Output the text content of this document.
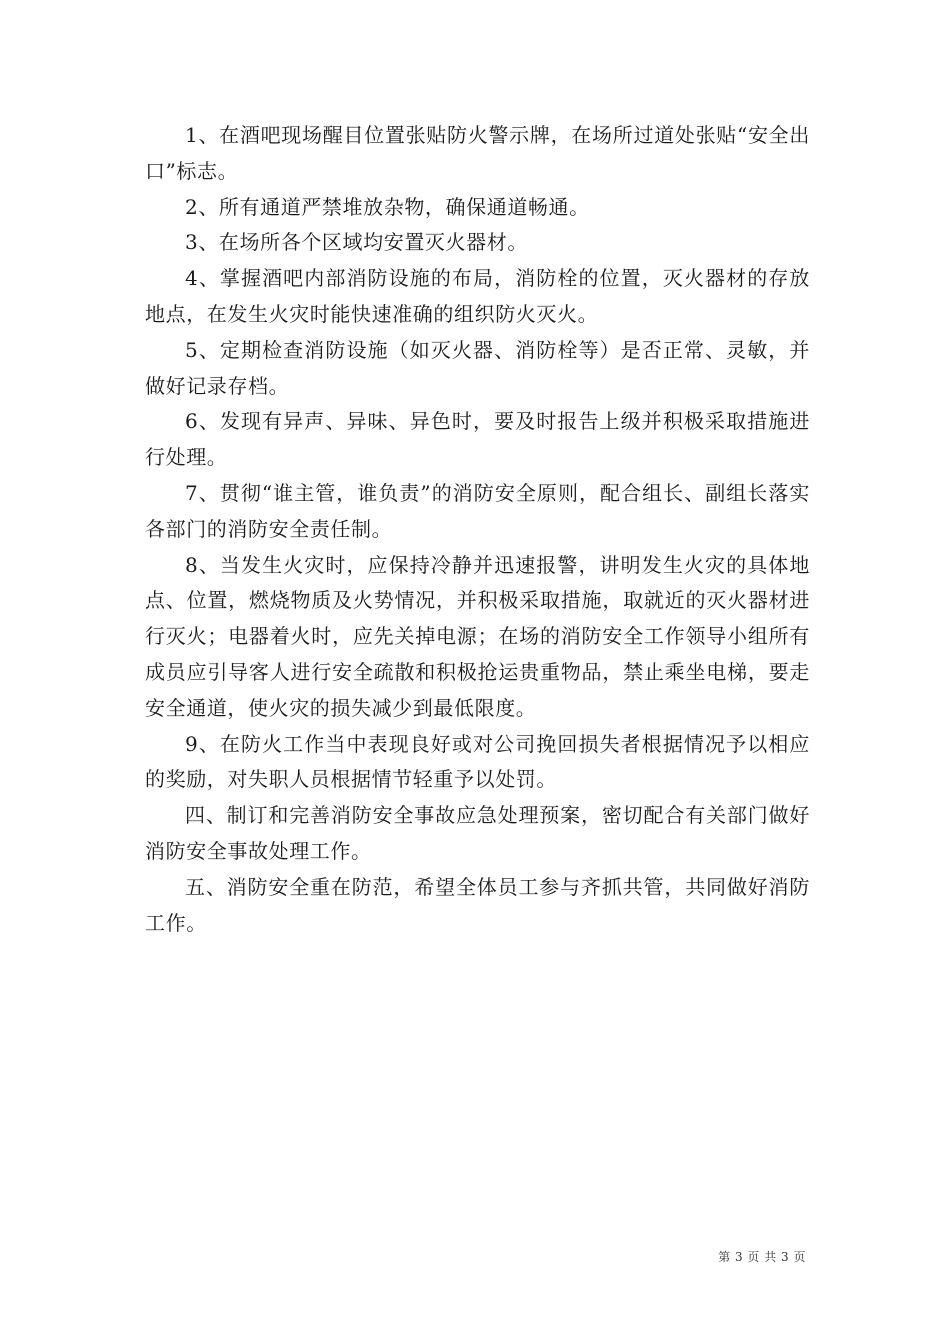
1、在酒吧现场醒目位置张贴防火警示牌，在场所过道处张贴“安全出口”标志。

2、所有通道严禁堆放杂物，确保通道畅通。

3、在场所各个区域均安置灭火器材。

4、掌握酒吧内部消防设施的布局，消防栓的位置，灭火器材的存放地点，在发生火灾时能快速准确的组织防火灭火。

5、定期检查消防设施（如灭火器、消防栓等）是否正常、灵敏，并做好记录存档。

6、发现有异声、异味、异色时，要及时报告上级并积极采取措施进行处理。

7、贯彻“谁主管，谁负责”的消防安全原则，配合组长、副组长落实各部门的消防安全责任制。

8、当发生火灾时，应保持冷静并迅速报警，讲明发生火灾的具体地点、位置，燃烧物质及火势情况，并积极采取措施，取就近的灭火器材进行灭火；电器着火时，应先关掉电源；在场的消防安全工作领导小组所有成员应引导客人进行安全疏散和积极抢运贵重物品，禁止乘坐电梯，要走安全通道，使火灾的损失减少到最低限度。

9、在防火工作当中表现良好或对公司挽回损失者根据情况予以相应的奖励，对失职人员根据情节轻重予以处罚。

四、制订和完善消防安全事故应急处理预案，密切配合有关部门做好消防安全事故处理工作。

五、消防安全重在防范，希望全体员工参与齐抓共管，共同做好消防工作。

第 3 页 共 3 页
